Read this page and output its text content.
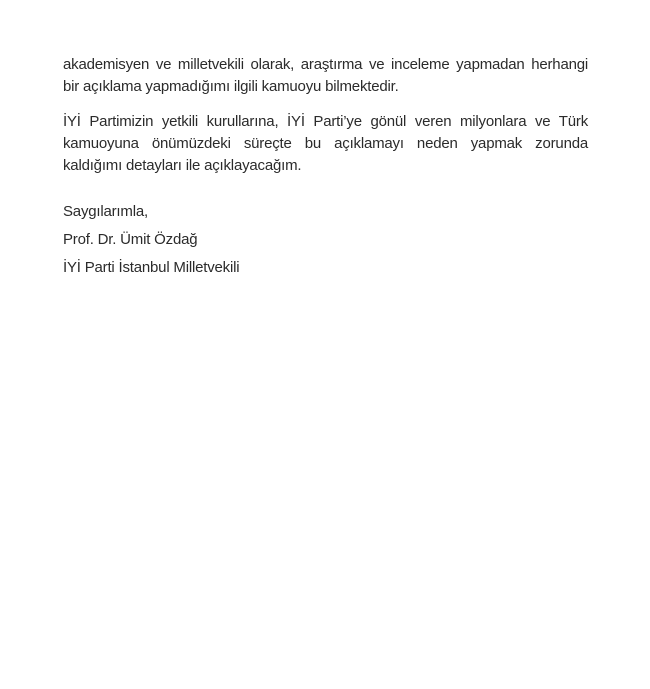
akademisyen ve milletvekili olarak, araştırma ve inceleme yapmadan herhangi
bir açıklama yapmadığımı ilgili kamuoyu bilmektedir.
İYİ Partimizin yetkili kurullarına, İYİ Parti’ye gönül veren milyonlara ve Türk
kamuoyuna önümüzdeki süreçte bu açıklamayı neden yapmak zorunda
kaldığımı detayları ile açıklayacağım.
Saygılarımla,
Prof. Dr. Ümit Özdağ
İYİ Parti İstanbul Milletvekili
